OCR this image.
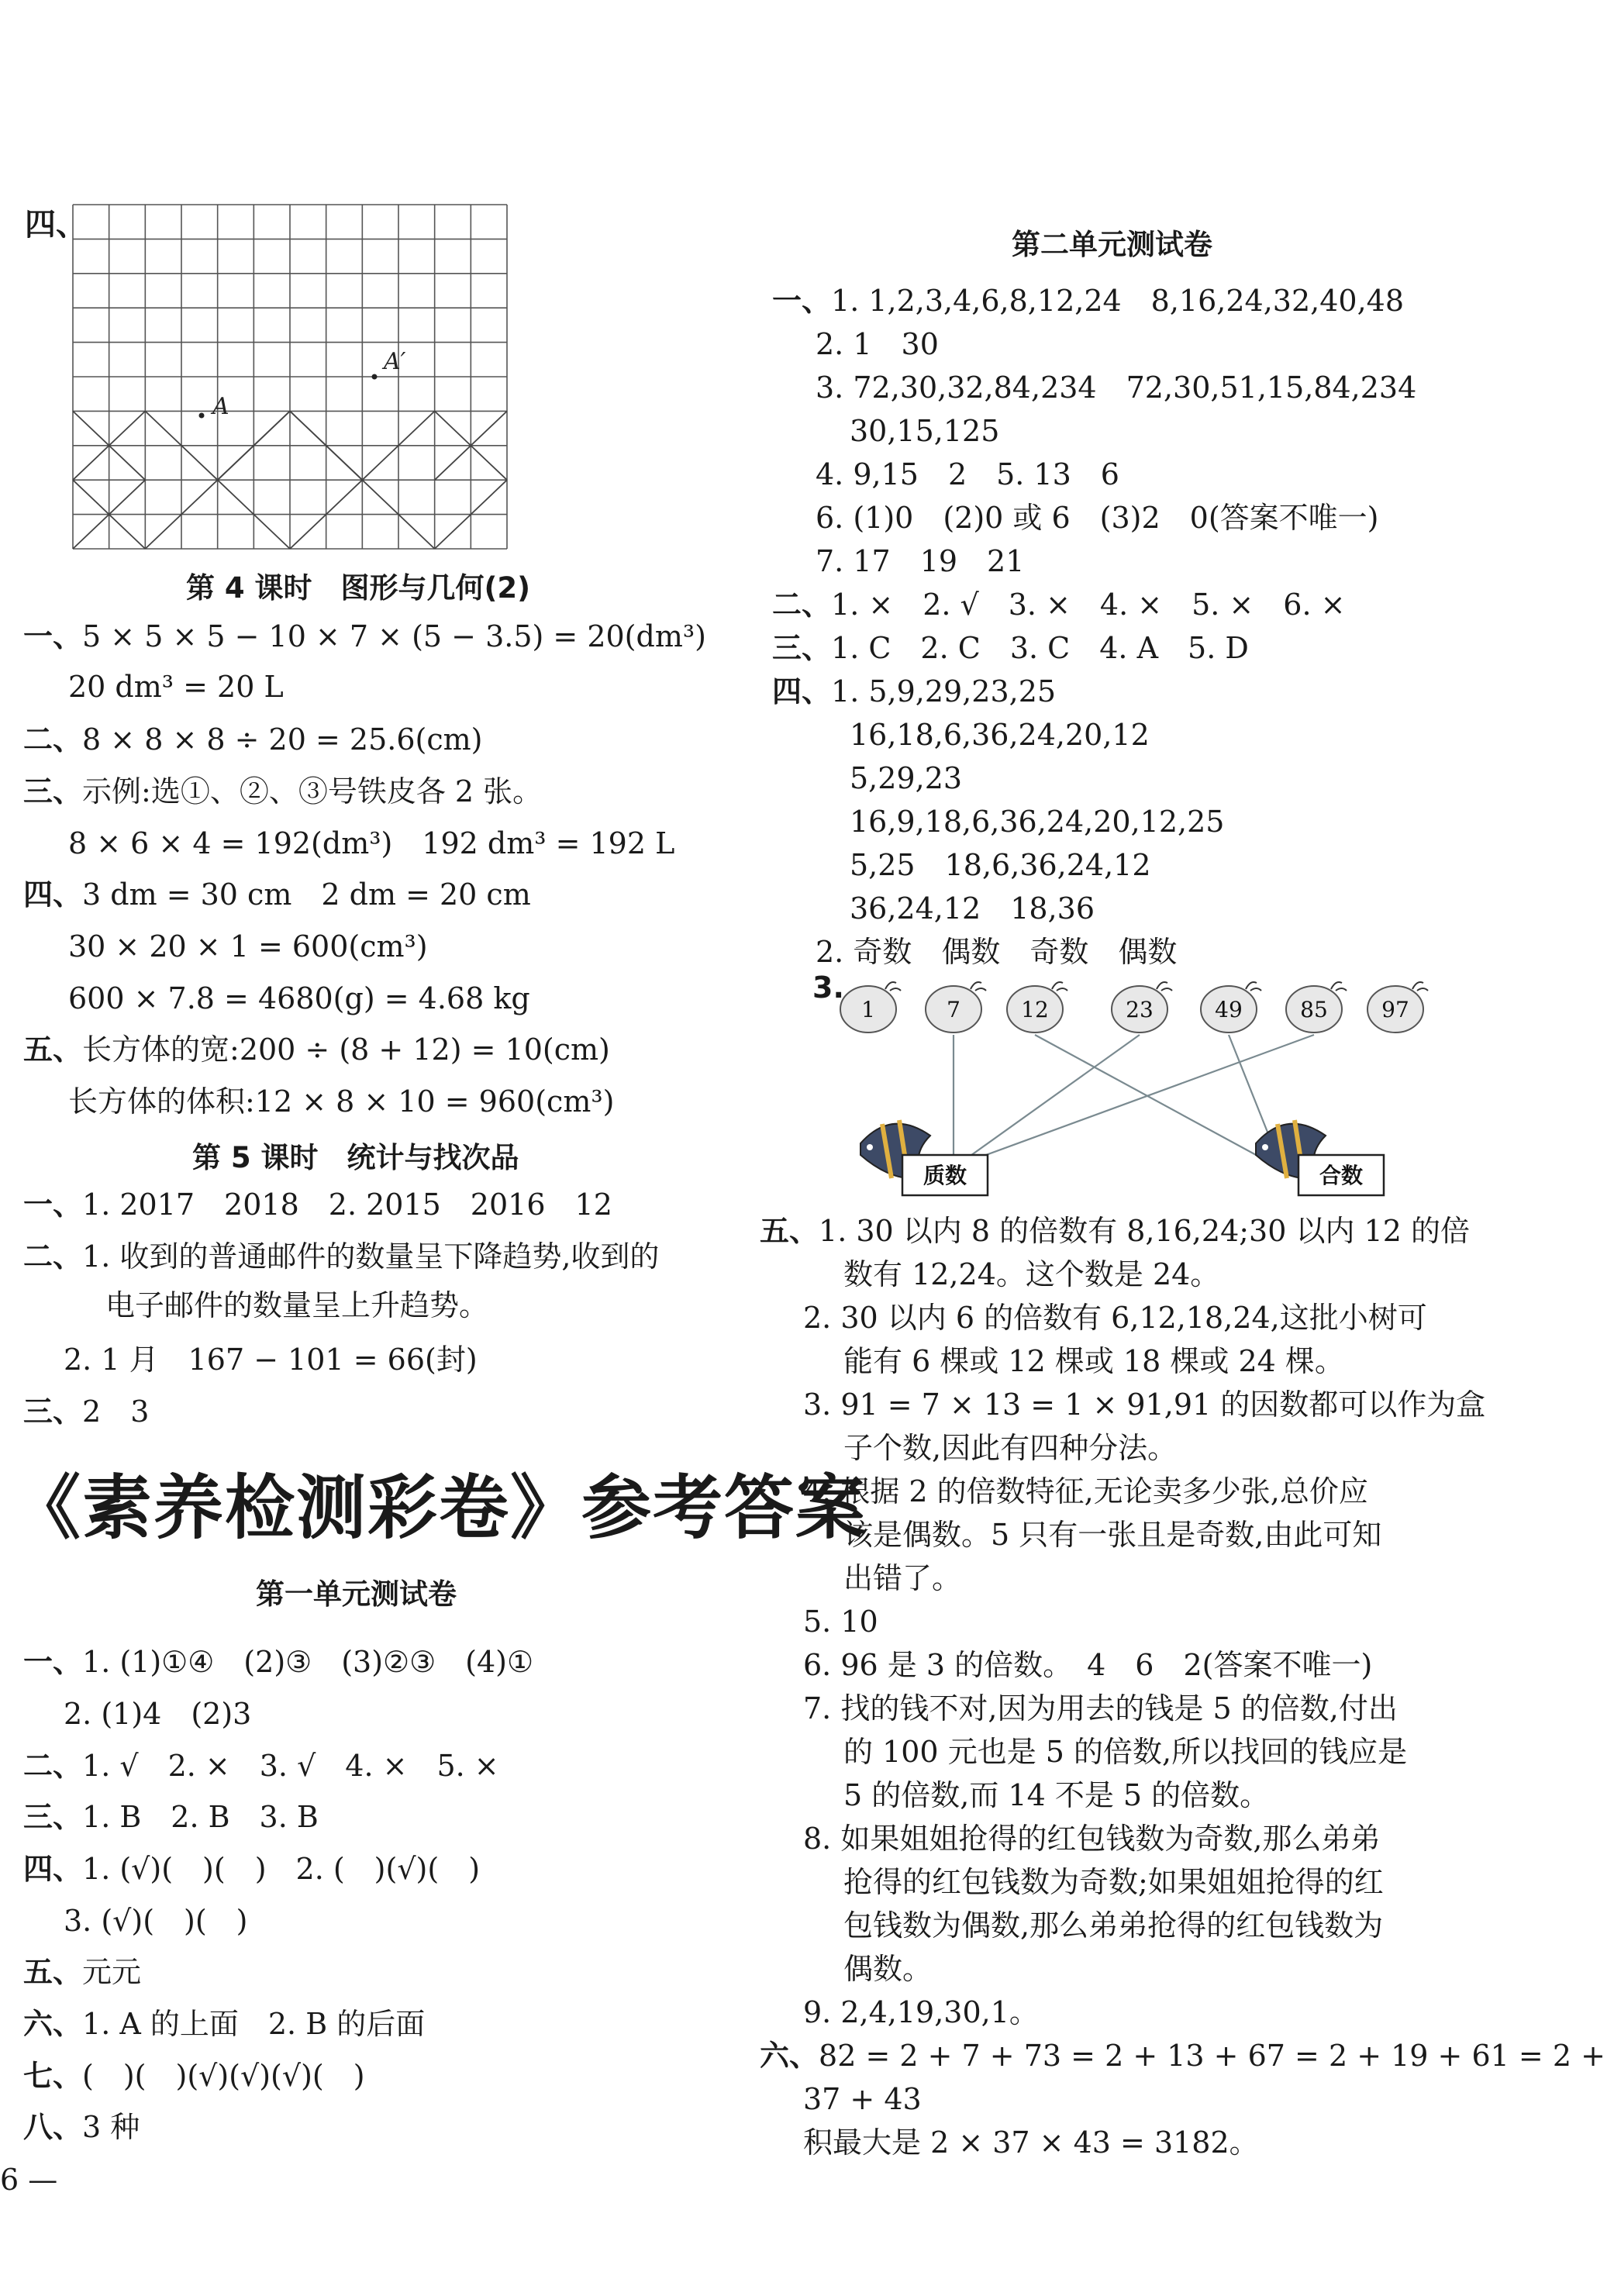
四、
A
A′
第 4 课时　图形与几何(2)
一、5 × 5 × 5 − 10 × 7 × (5 − 3.5) = 20(dm³)
20 dm³ = 20 L
二、8 × 8 × 8 ÷ 20 = 25.6(cm)
三、示例:选①、②、③号铁皮各 2 张。
8 × 6 × 4 = 192(dm³)　192 dm³ = 192 L
四、3 dm = 30 cm　2 dm = 20 cm
30 × 20 × 1 = 600(cm³)
600 × 7.8 = 4680(g) = 4.68 kg
五、长方体的宽:200 ÷ (8 + 12) = 10(cm)
长方体的体积:12 × 8 × 10 = 960(cm³)
第 5 课时　统计与找次品
一、1. 2017　2018　2. 2015　2016　12
二、1. 收到的普通邮件的数量呈下降趋势,收到的
电子邮件的数量呈上升趋势。
2. 1 月　167 − 101 = 66(封)
三、2　3
《素养检测彩卷》参考答案
第一单元测试卷
一、1. (1)①④　(2)③　(3)②③　(4)①
2. (1)4　(2)3
二、1. √　2. ×　3. √　4. ×　5. ×
三、1. B　2. B　3. B
四、1. (√)(　)(　)　2. (　)(√)(　)
3. (√)(　)(　)
五、元元
六、1. A 的上面　2. B 的后面
七、(　)(　)(√)(√)(√)(　)
八、3 种
6 —
第二单元测试卷
一、1. 1,2,3,4,6,8,12,24　8,16,24,32,40,48
2. 1　30
3. 72,30,32,84,234　72,30,51,15,84,234
30,15,125
4. 9,15　2　5. 13　6
6. (1)0　(2)0 或 6　(3)2　0(答案不唯一)
7. 17　19　21
二、1. ×　2. √　3. ×　4. ×　5. ×　6. ×
三、1. C　2. C　3. C　4. A　5. D
四、1. 5,9,29,23,25
16,18,6,36,24,20,12
5,29,23
16,9,18,6,36,24,20,12,25
5,25　18,6,36,24,12
36,24,12　18,36
2. 奇数　偶数　奇数　偶数
3.
1	7	12	23	49	85 97
质数	合数
五、1. 30 以内 8 的倍数有 8,16,24;30 以内 12 的倍
数有 12,24。这个数是 24。
2. 30 以内 6 的倍数有 6,12,18,24,这批小树可
能有 6 棵或 12 棵或 18 棵或 24 棵。
3. 91 = 7 × 13 = 1 × 91,91 的因数都可以作为盒
子个数,因此有四种分法。
4. 根据 2 的倍数特征,无论卖多少张,总价应
该是偶数。5 只有一张且是奇数,由此可知
出错了。
5. 10
6. 96 是 3 的倍数。　4　6　2(答案不唯一)
7. 找的钱不对,因为用去的钱是 5 的倍数,付出
的 100 元也是 5 的倍数,所以找回的钱应是
5 的倍数,而 14 不是 5 的倍数。
8. 如果姐姐抢得的红包钱数为奇数,那么弟弟
抢得的红包钱数为奇数;如果姐姐抢得的红
包钱数为偶数,那么弟弟抢得的红包钱数为
偶数。
9. 2,4,19,30,1。
六、82 = 2 + 7 + 73 = 2 + 13 + 67 = 2 + 19 + 61 = 2 +
37 + 43
积最大是 2 × 37 × 43 = 3182。
